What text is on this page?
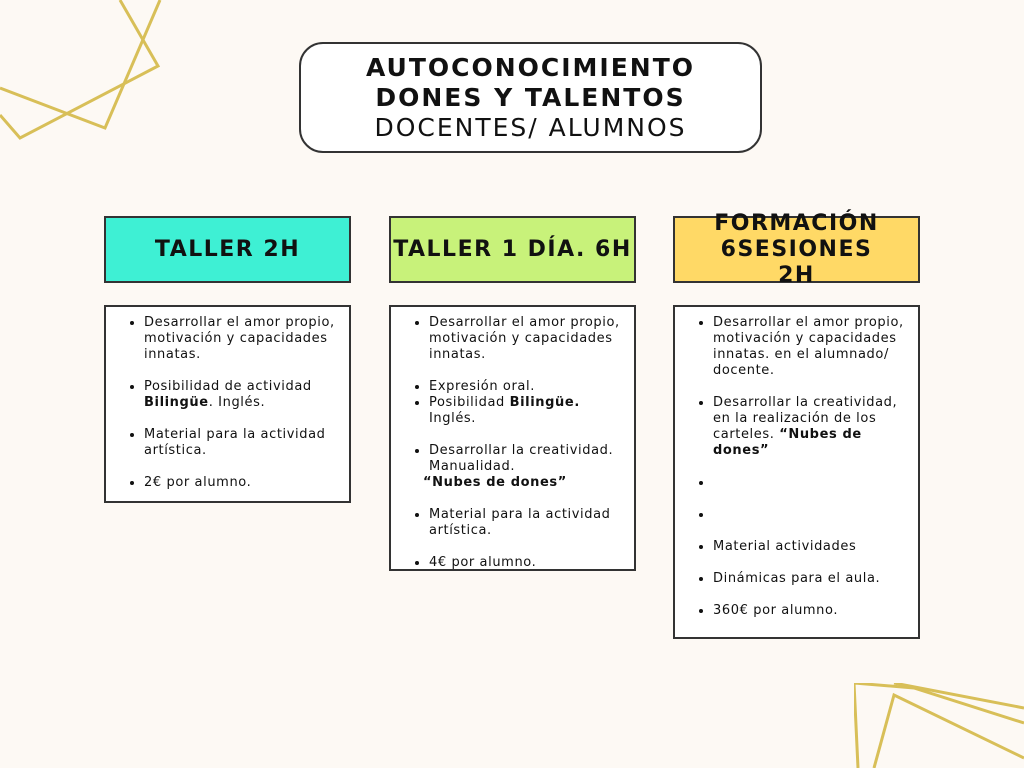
AUTOCONOCIMIENTO
DONES Y TALENTOS
DOCENTES/ ALUMNOS
TALLER 2H	TALLER 1 DÍA. 6H
FORMACIÓN 6SESIONES 2H
• Desarrollar el amor propio, motivación y capacidades innatas.
• Posibilidad de actividad Bilingüe. Inglés.
• Material para la actividad artística.
• 2€ por alumno.
• Desarrollar el amor propio, motivación y capacidades innatas.
• Expresión oral.
• Posibilidad Bilingüe.
Inglés.
• Desarrollar la creatividad. Manualidad.
“Nubes de dones”
• Material para la actividad artística.
• 4€ por alumno.
• Desarrollar el amor propio, motivación y capacidades innatas. en el alumnado/ docente.
• Desarrollar la creatividad, en la realización de los carteles. “Nubes de dones”
•
•
• Material actividades
• Dinámicas para el aula.
• 360€ por alumno.
